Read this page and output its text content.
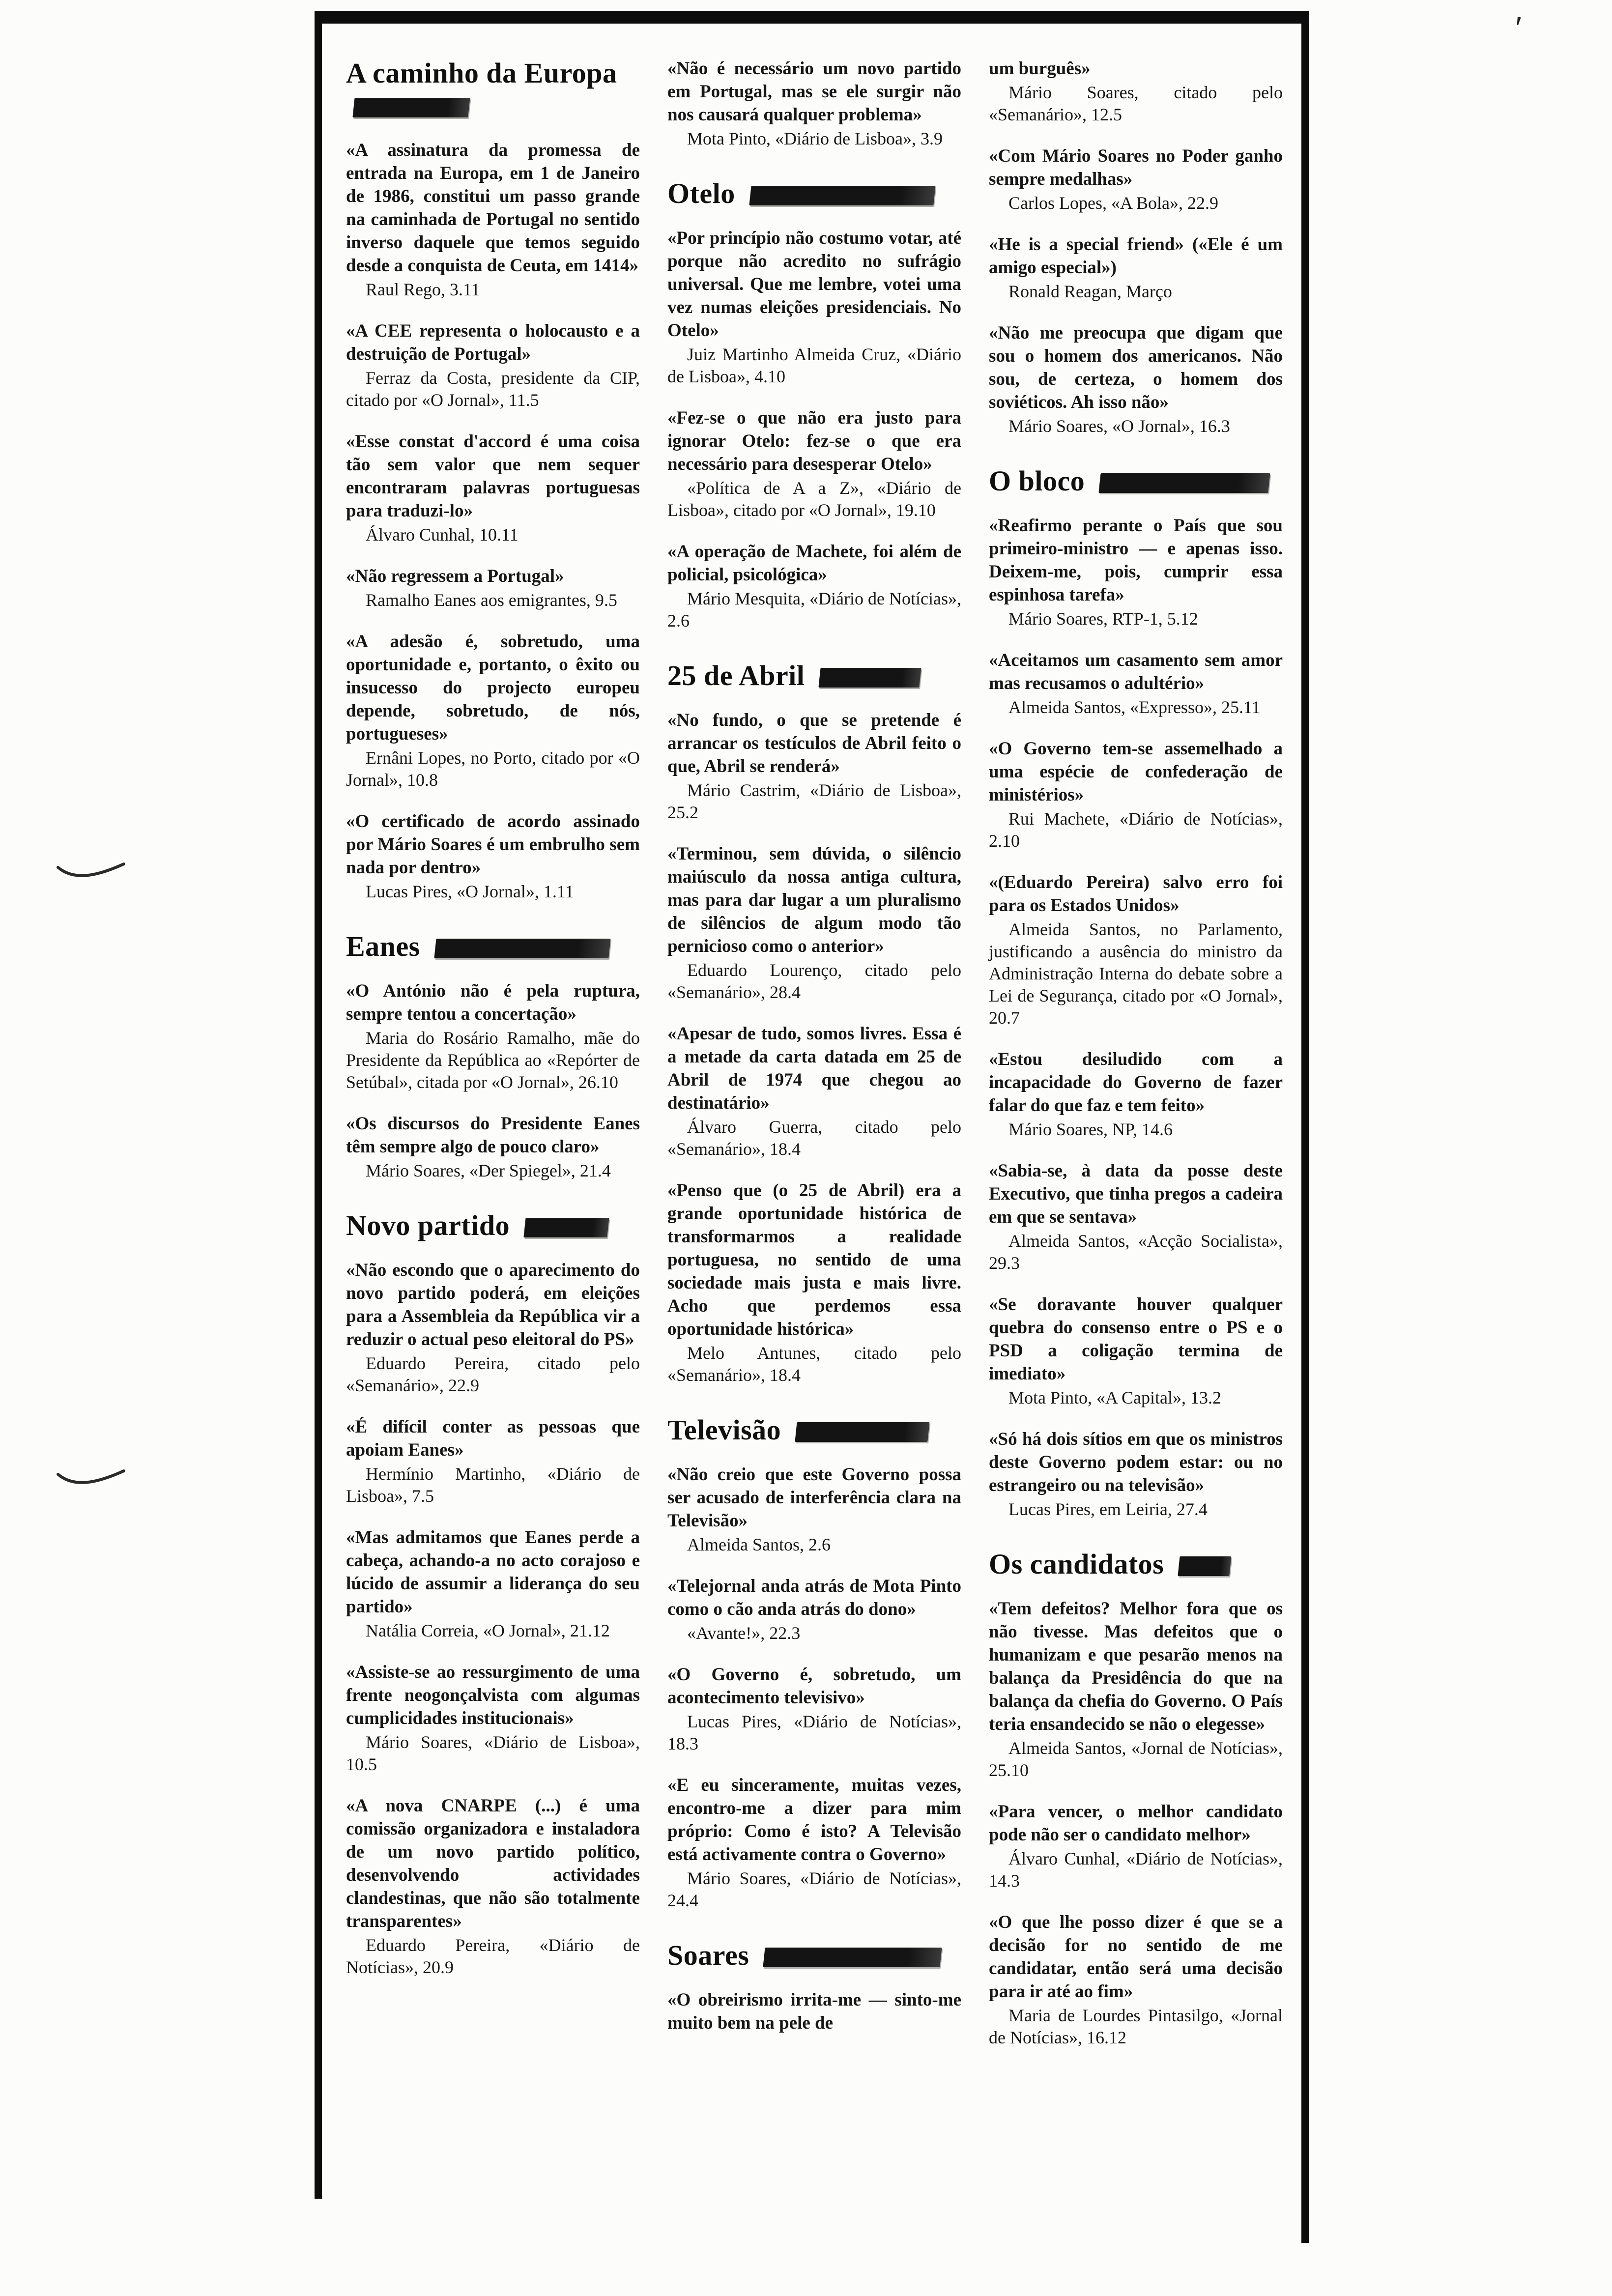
'
A caminho da Europa

«A assinatura da promessa de entrada na Europa, em 1 de Janeiro de 1986, constitui um passo grande na caminhada de Portugal no sentido inverso daquele que temos seguido desde a conquista de Ceuta, em 1414»

Raul Rego, 3.11

«A CEE representa o holocausto e a destruição de Portugal»

Ferraz da Costa, presidente da CIP, citado por «O Jornal», 11.5

«Esse constat d'accord é uma coisa tão sem valor que nem sequer encontraram palavras portuguesas para traduzi-lo»

Álvaro Cunhal, 10.11

«Não regressem a Portugal»

Ramalho Eanes aos emigrantes, 9.5

«A adesão é, sobretudo, uma oportunidade e, portanto, o êxito ou insucesso do projecto europeu depende, sobretudo, de nós, portugueses»

Ernâni Lopes, no Porto, citado por «O Jornal», 10.8

«O certificado de acordo assinado por Mário Soares é um embrulho sem nada por dentro»

Lucas Pires, «O Jornal», 1.11

Eanes

«O António não é pela ruptura, sempre tentou a concertação»

Maria do Rosário Ramalho, mãe do Presidente da República ao «Repórter de Setúbal», citada por «O Jornal», 26.10

«Os discursos do Presidente Eanes têm sempre algo de pouco claro»

Mário Soares, «Der Spiegel», 21.4

Novo partido

«Não escondo que o aparecimento do novo partido poderá, em eleições para a Assembleia da República vir a reduzir o actual peso eleitoral do PS»

Eduardo Pereira, citado pelo «Semanário», 22.9

«É difícil conter as pessoas que apoiam Eanes»

Hermínio Martinho, «Diário de Lisboa», 7.5

«Mas admitamos que Eanes perde a cabeça, achando-a no acto corajoso e lúcido de assumir a liderança do seu partido»

Natália Correia, «O Jornal», 21.12

«Assiste-se ao ressurgimento de uma frente neogonçalvista com algumas cumplicidades institucionais»

Mário Soares, «Diário de Lisboa», 10.5

«A nova CNARPE (...) é uma comissão organizadora e instaladora de um novo partido político, desenvolvendo actividades clandestinas, que não são totalmente transparentes»

Eduardo Pereira, «Diário de Notícias», 20.9

«Não é necessário um novo partido em Portugal, mas se ele surgir não nos causará qualquer problema»

Mota Pinto, «Diário de Lisboa», 3.9

Otelo

«Por princípio não costumo votar, até porque não acredito no sufrágio universal. Que me lembre, votei uma vez numas eleições presidenciais. No Otelo»

Juiz Martinho Almeida Cruz, «Diário de Lisboa», 4.10

«Fez-se o que não era justo para ignorar Otelo: fez-se o que era necessário para desesperar Otelo»

«Política de A a Z», «Diário de Lisboa», citado por «O Jornal», 19.10

«A operação de Machete, foi além de policial, psicológica»

Mário Mesquita, «Diário de Notícias», 2.6

25 de Abril

«No fundo, o que se pretende é arrancar os testículos de Abril feito o que, Abril se renderá»

Mário Castrim, «Diário de Lisboa», 25.2

«Terminou, sem dúvida, o silêncio maiúsculo da nossa antiga cultura, mas para dar lugar a um pluralismo de silêncios de algum modo tão pernicioso como o anterior»

Eduardo Lourenço, citado pelo «Semanário», 28.4

«Apesar de tudo, somos livres. Essa é a metade da carta datada em 25 de Abril de 1974 que chegou ao destinatário»

Álvaro Guerra, citado pelo «Semanário», 18.4

«Penso que (o 25 de Abril) era a grande oportunidade histórica de transformarmos a realidade portuguesa, no sentido de uma sociedade mais justa e mais livre. Acho que perdemos essa oportunidade histórica»

Melo Antunes, citado pelo «Semanário», 18.4

Televisão

«Não creio que este Governo possa ser acusado de interferência clara na Televisão»

Almeida Santos, 2.6

«Telejornal anda atrás de Mota Pinto como o cão anda atrás do dono»

«Avante!», 22.3

«O Governo é, sobretudo, um acontecimento televisivo»

Lucas Pires, «Diário de Notícias», 18.3

«E eu sinceramente, muitas vezes, encontro-me a dizer para mim próprio: Como é isto? A Televisão está activamente contra o Governo»

Mário Soares, «Diário de Notícias», 24.4

Soares

«O obreirismo irrita-me — sinto-me muito bem na pele de

um burguês»

Mário Soares, citado pelo «Semanário», 12.5

«Com Mário Soares no Poder ganho sempre medalhas»

Carlos Lopes, «A Bola», 22.9

«He is a special friend» («Ele é um amigo especial»)

Ronald Reagan, Março

«Não me preocupa que digam que sou o homem dos americanos. Não sou, de certeza, o homem dos soviéticos. Ah isso não»

Mário Soares, «O Jornal», 16.3

O bloco

«Reafirmo perante o País que sou primeiro-ministro — e apenas isso. Deixem-me, pois, cumprir essa espinhosa tarefa»

Mário Soares, RTP-1, 5.12

«Aceitamos um casamento sem amor mas recusamos o adultério»

Almeida Santos, «Expresso», 25.11

«O Governo tem-se assemelhado a uma espécie de confederação de ministérios»

Rui Machete, «Diário de Notícias», 2.10

«(Eduardo Pereira) salvo erro foi para os Estados Unidos»

Almeida Santos, no Parlamento, justificando a ausência do ministro da Administração Interna do debate sobre a Lei de Segurança, citado por «O Jornal», 20.7

«Estou desiludido com a incapacidade do Governo de fazer falar do que faz e tem feito»

Mário Soares, NP, 14.6

«Sabia-se, à data da posse deste Executivo, que tinha pregos a cadeira em que se sentava»

Almeida Santos, «Acção Socialista», 29.3

«Se doravante houver qualquer quebra do consenso entre o PS e o PSD a coligação termina de imediato»

Mota Pinto, «A Capital», 13.2

«Só há dois sítios em que os ministros deste Governo podem estar: ou no estrangeiro ou na televisão»

Lucas Pires, em Leiria, 27.4

Os candidatos

«Tem defeitos? Melhor fora que os não tivesse. Mas defeitos que o humanizam e que pesarão menos na balança da Presidência do que na balança da chefia do Governo. O País teria ensandecido se não o elegesse»

Almeida Santos, «Jornal de Notícias», 25.10

«Para vencer, o melhor candidato pode não ser o candidato melhor»

Álvaro Cunhal, «Diário de Notícias», 14.3

«O que lhe posso dizer é que se a decisão for no sentido de me candidatar, então será uma decisão para ir até ao fim»

Maria de Lourdes Pintasilgo, «Jornal de Notícias», 16.12
